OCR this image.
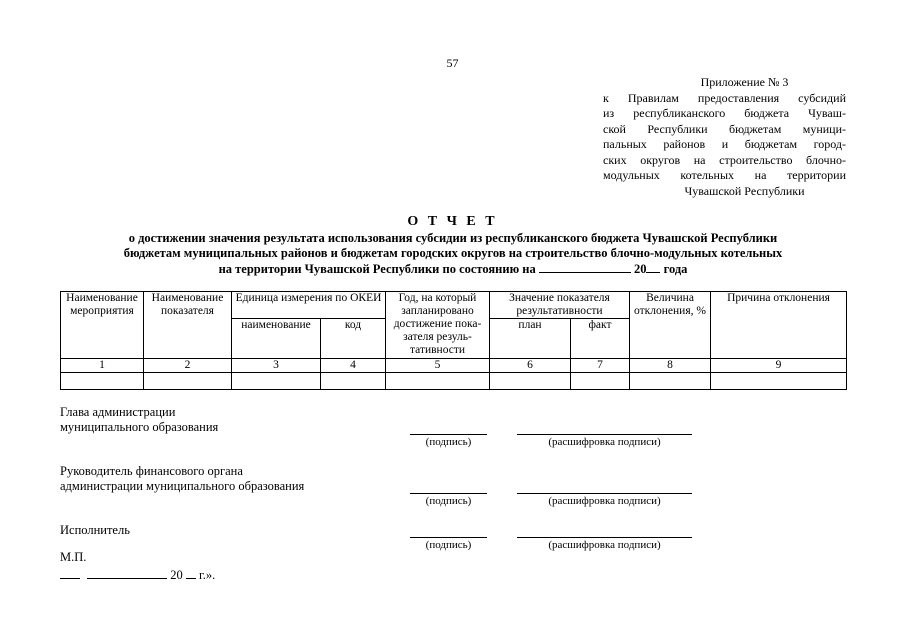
57
Приложение № 3
к Правилам предоставления субсидий
из республиканского бюджета Чуваш-
ской Республики бюджетам муници-
пальных районов и бюджетам город-
ских округов на строительство блочно-
модульных котельных на территории
Чувашской Республики
О Т Ч Е Т
о достижении значения результата использования субсидии из республиканского бюджета Чувашской Республики
бюджетам муниципальных районов и бюджетам городских округов на строительство блочно-модульных котельных
на территории Чувашской Республики по состоянию на	20 года
Наименование мероприятия	Наименование показателя	Единица измерения по ОКЕИ		Год, на который запланировано достижение пока-зателя резуль-тативности	Значение показателя результативности		Величина отклонения, %	Причина отклонения
		наименование	код		план	факт		
1	2	3	4	5	6	7	8	9

Глава администрации
муниципального образования
(подпись)	(расшифровка подписи)
Руководитель финансового органа
администрации муниципального образования
(подпись)	(расшифровка подписи)
Исполнитель
(подпись)	(расшифровка подписи)
М.П.
20 г.».
